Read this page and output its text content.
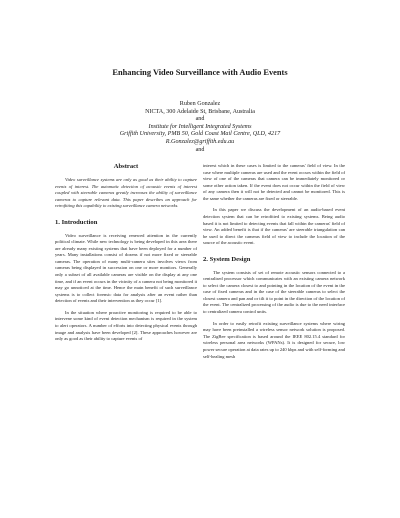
Enhancing Video Surveillance with Audio Events
Ruben Gonzalez
NICTA, 300 Adelaide St, Brisbane, Australia
and
Institute for Intelligent Integrated Systems
Griffith University, PMB 50, Gold Coast Mail Centre, QLD, 4217
R.Gonzalez@griffith.edu.au
and
Abstract

Video surveillance systems are only as good as their ability to capture events of interest. The automatic detection of acoustic events of interest coupled with steerable cameras greatly increases the ability of surveillance cameras to capture relevant data. This paper describes an approach for retrofitting this capability to existing surveillance camera networks.

1. Introduction

Video surveillance is receiving renewed attention in the currently political climate. While new technology is being developed in this area there are already many existing systems that have been deployed for a number of years. Many installations consist of dozens if not more fixed or steerable cameras. The operation of many multi-camera sites involves views from cameras being displayed in succession on one or more monitors. Generally only a subset of all available cameras are visible on the display at any one time, and if an event occurs in the vicinity of a camera not being monitored it may go unnoticed at the time. Hence the main benefit of such surveillance systems is to collect forensic data for analysis after an event rather than detection of events and their intervention as they occur [1].

In the situation where proactive monitoring is required to be able to intervene some kind of event detection mechanism is required in the system to alert operators. A number of efforts into detecting physical events through image and analysis have been developed [2]. These approaches however are only as good as their ability to capture events of

interest which in these cases is limited to the cameras' field of view. In the case where multiple cameras are used and the event occurs within the field of view of one of the cameras that camera can be immediately monitored or some other action taken. If the event does not occur within the field of view of any camera then it will not be detected and cannot be monitored. This is the same whether the cameras are fixed or steerable.

In this paper we discuss the development of an audio-based event detection system that can be retrofitted to existing systems. Being audio based it is not limited to detecting events that fall within the cameras' field of view. An added benefit is that if the cameras' are steerable triangulation can be used to direct the cameras field of view to include the location of the source of the acoustic event.

2. System Design

The system consists of set of remote acoustic sensors connected to a centralised processor which communicates with an existing camera network to select the camera closest to and pointing in the location of the event in the case of fixed cameras and in the case of the steerable cameras to select the closest camera and pan and or tilt it to point in the direction of the location of the event. The centralized processing of the audio is due to the need interface to centralized camera control units.

In order to easily retrofit existing surveillance systems where wiring may have been preinstalled a wireless sensor network solution is proposed. The ZigBee specification is based around the IEEE 802.15.4 standard for wireless personal area networks (WPANs). It is designed for secure, low power secure operation at data rates up to 240 kbps and with self-forming and self-healing mesh
